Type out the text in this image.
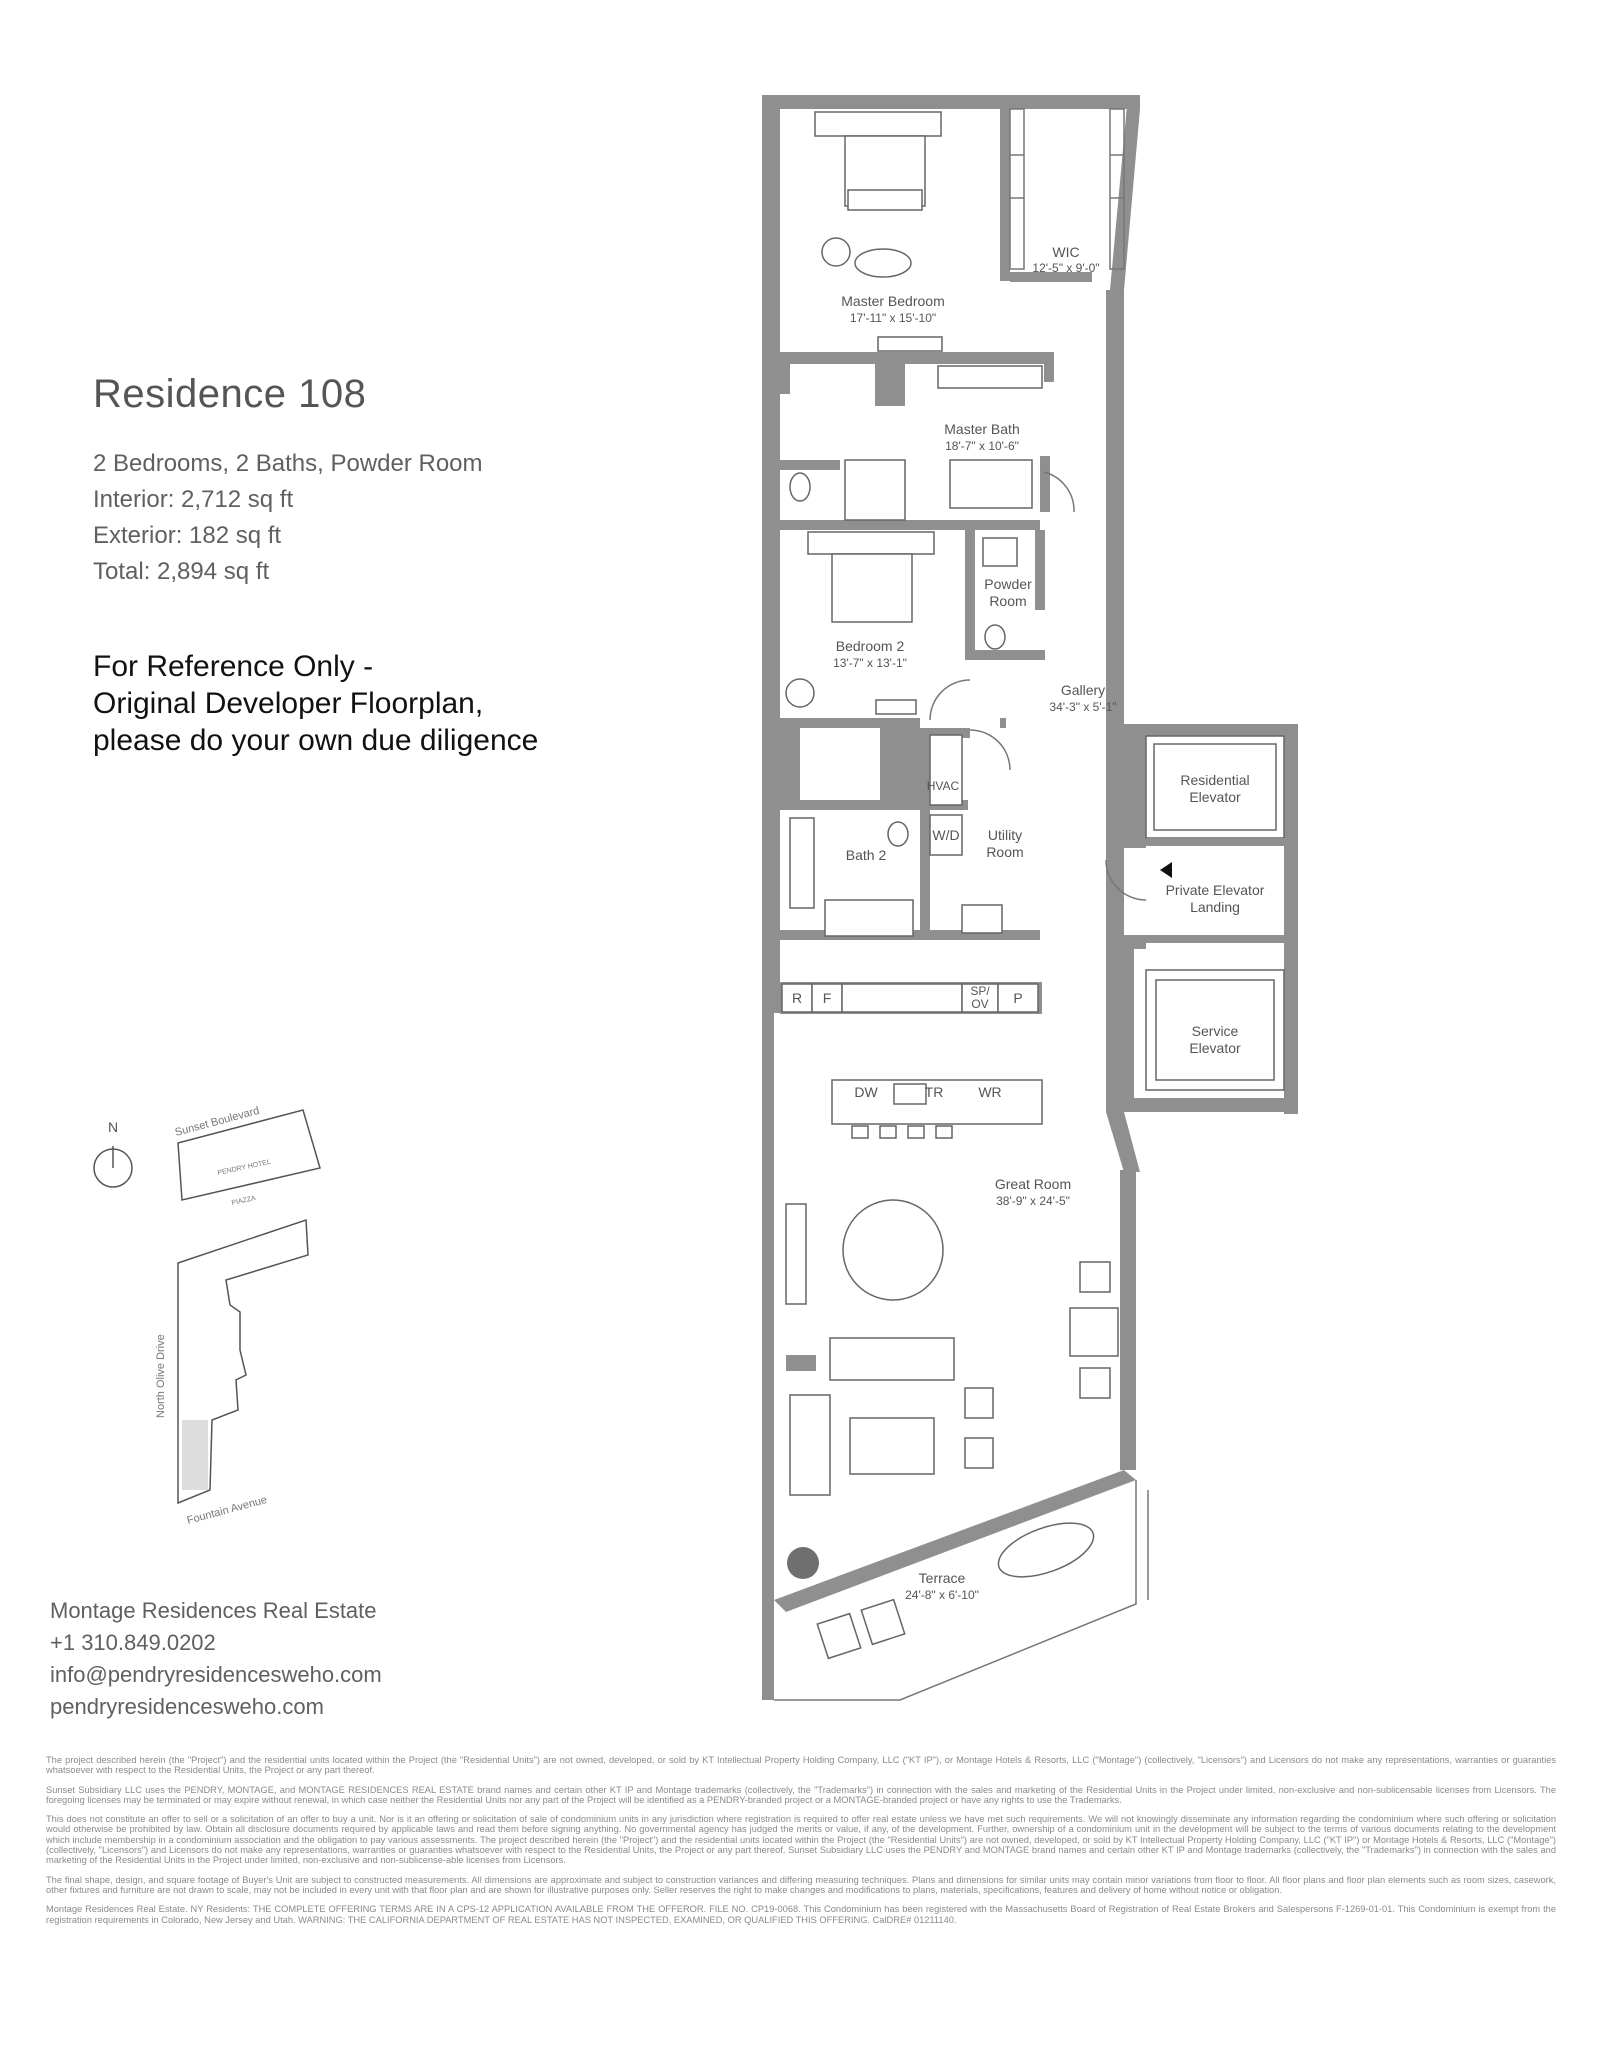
Residence 108
2 Bedrooms, 2 Baths, Powder Room
Interior: 2,712 sq ft
Exterior: 182 sq ft
Total: 2,894 sq ft
For Reference Only -
Original Developer Floorplan,
please do your own due diligence
WIC
12'-5" x 9'-0"
Master Bedroom
17'-11" x 15'-10"
Master Bath
18'-7" x 10'-6"
Powder
Room
Bedroom 2
13'-7" x 13'-1"
Gallery
34'-3" x 5'-1"
Residential
Elevator
HVAC
W/D Utility
Room
Bath 2
Private Elevator
Landing
Service
Elevator
Great Room
38'-9" x 24'-5"
Terrace
24'-8" x 6'-10"
R F	SP/
OV P
DW	TR	WR
N	Sunset Boulevard
PENDRY HOTEL
PIAZZA
North Olive Drive
Fountain Avenue
Montage Residences Real Estate
+1 310.849.0202
info@pendryresidencesweho.com
pendryresidencesweho.com

The project described herein (the "Project") and the residential units located within the Project (the "Residential Units") are not owned, developed, or sold by KT Intellectual Property Holding Company, LLC ("KT IP"), or Montage Hotels & Resorts, LLC ("Montage") (collectively, "Licensors") and Licensors do not make any representations, warranties or guaranties whatsoever with respect to the Residential Units, the Project or any part thereof.

Sunset Subsidiary LLC uses the PENDRY, MONTAGE, and MONTAGE RESIDENCES REAL ESTATE brand names and certain other KT IP and Montage trademarks (collectively, the "Trademarks") in connection with the sales and marketing of the Residential Units in the Project under limited, non-exclusive and non-sublicensable licenses from Licensors. The foregoing licenses may be terminated or may expire without renewal, in which case neither the Residential Units nor any part of the Project will be identified as a PENDRY-branded project or a MONTAGE-branded project or have any rights to use the Trademarks.

This does not constitute an offer to sell or a solicitation of an offer to buy a unit. Nor is it an offering or solicitation of sale of condominium units in any jurisdiction where registration is required to offer real estate unless we have met such requirements. We will not knowingly disseminate any information regarding the condominium where such offering or solicitation would otherwise be prohibited by law. Obtain all disclosure documents required by applicable laws and read them before signing anything. No governmental agency has judged the merits or value, if any, of the development. Further, ownership of a condominium unit in the development will be subject to the terms of various documents relating to the development which include membership in a condominium association and the obligation to pay various assessments. The project described herein (the "Project") and the residential units located within the Project (the "Residential Units") are not owned, developed, or sold by KT Intellectual Property Holding Company, LLC ("KT IP") or Montage Hotels & Resorts, LLC ("Montage") (collectively, "Licensors") and Licensors do not make any representations, warranties or guaranties whatsoever with respect to the Residential Units, the Project or any part thereof. Sunset Subsidiary LLC uses the PENDRY and MONTAGE brand names and certain other KT IP and Montage trademarks (collectively, the "Trademarks") in connection with the sales and marketing of the Residential Units in the Project under limited, non-exclusive and non-sublicense-able licenses from Licensors.

The final shape, design, and square footage of Buyer's Unit are subject to constructed measurements. All dimensions are approximate and subject to construction variances and differing measuring techniques. Plans and dimensions for similar units may contain minor variations from floor to floor. All floor plans and floor plan elements such as room sizes, casework, other fixtures and furniture are not drawn to scale, may not be included in every unit with that floor plan and are shown for illustrative purposes only. Seller reserves the right to make changes and modifications to plans, materials, specifications, features and delivery of home without notice or obligation.

Montage Residences Real Estate. NY Residents: THE COMPLETE OFFERING TERMS ARE IN A CPS-12 APPLICATION AVAILABLE FROM THE OFFEROR. FILE NO. CP19-0068. This Condominium has been registered with the Massachusetts Board of Registration of Real Estate Brokers and Salespersons F-1269-01-01. This Condominium is exempt from the registration requirements in Colorado, New Jersey and Utah. WARNING: THE CALIFORNIA DEPARTMENT OF REAL ESTATE HAS NOT INSPECTED, EXAMINED, OR QUALIFIED THIS OFFERING. CalDRE# 01211140.
